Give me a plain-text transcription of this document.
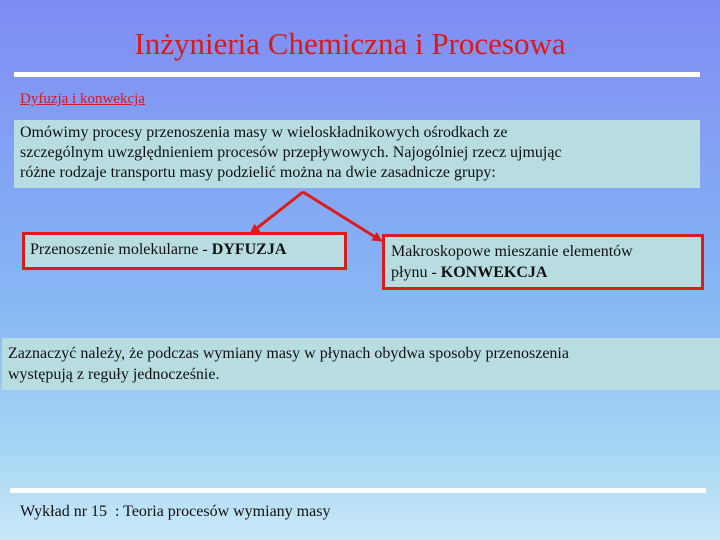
Inżynieria Chemiczna i Procesowa
Dyfuzja i konwekcja
Omówimy procesy przenoszenia masy w wieloskładnikowych ośrodkach ze
szczególnym uwzględnieniem procesów przepływowych. Najogólniej rzecz ujmując
różne rodzaje transportu masy podzielić można na dwie zasadnicze grupy:
Przenoszenie molekularne - DYFUZJA	Makroskopowe mieszanie elementów
płynu - KONWEKCJA
Zaznaczyć należy, że podczas wymiany masy w płynach obydwa sposoby przenoszenia
występują z reguły jednocześnie.
Wykład nr 15  : Teoria procesów wymiany masy
